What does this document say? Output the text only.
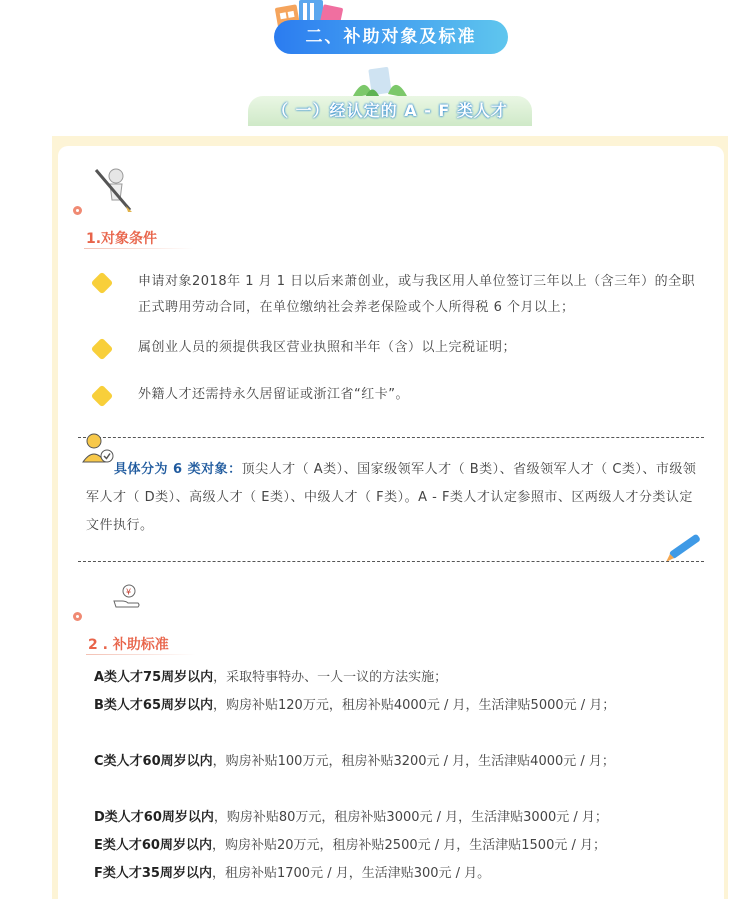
二、补助对象及标准
（ 一）经认定的 A - F 类人才
1.对象条件
申请对象2018年 1 月 1 日以后来萧创业，或与我区用人单位签订三年以上（含三年）的全职正式聘用劳动合同，在单位缴纳社会养老保险或个人所得税 6 个月以上；
属创业人员的须提供我区营业执照和半年（含）以上完税证明；
外籍人才还需持永久居留证或浙江省“红卡”。
具体分为 6 类对象：顶尖人才（ A类）、国家级领军人才（ B类）、省级领军人才（ C类）、市级领军人才（ D类）、高级人才（ E类）、中级人才（ F类）。A - F类人才认定参照市、区两级人才分类认定文件执行。
¥
2 . 补助标准
A类人才75周岁以内，采取特事特办、一人一议的方法实施；
B类人才65周岁以内，购房补贴120万元，租房补贴4000元 / 月，生活津贴5000元 / 月；
C类人才60周岁以内，购房补贴100万元，租房补贴3200元 / 月，生活津贴4000元 / 月；
D类人才60周岁以内，购房补贴80万元，租房补贴3000元 / 月，生活津贴3000元 / 月；
E类人才60周岁以内，购房补贴20万元，租房补贴2500元 / 月，生活津贴1500元 / 月；
F类人才35周岁以内，租房补贴1700元 / 月，生活津贴300元 / 月。
